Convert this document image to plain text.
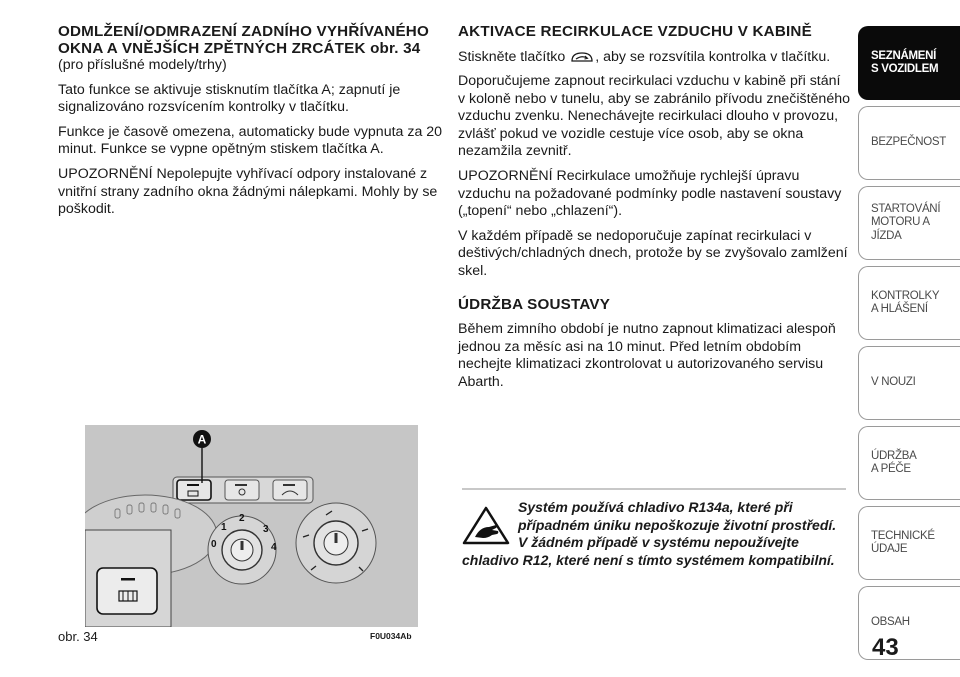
ODMLŽENÍ/ODMRAZENÍ ZADNÍHO VYHŘÍVANÉHO OKNA A VNĚJŠÍCH ZPĚTNÝCH ZRCÁTEK obr. 34
(pro příslušné modely/trhy)

Tato funkce se aktivuje stisknutím tlačítka A; zapnutí je signalizováno rozsvícením kontrolky v tlačítku.

Funkce je časově omezena, automaticky bude vypnuta za 20 minut. Funkce se vypne opětným stiskem tlačítka A.

UPOZORNĚNÍ Nepolepujte vyhřívací odpory instalované z vnitřní strany zadního okna žádnými nálepkami. Mohly by se poškodit.

AKTIVACE RECIRKULACE VZDUCHU V KABINĚ

Stiskněte tlačítko , aby se rozsvítila kontrolka v tlačítku.

Doporučujeme zapnout recirkulaci vzduchu v kabině při stání v koloně nebo v tunelu, aby se zabránilo přívodu znečištěného vzduchu zvenku. Nenechávejte recirkulaci dlouho v provozu, zvlášť pokud ve vozidle cestuje více osob, aby se okna nezamžila zevnitř.

UPOZORNĚNÍ Recirkulace umožňuje rychlejší úpravu vzduchu na požadované podmínky podle nastavení soustavy („topení“ nebo „chlazení“).

V každém případě se nedoporučuje zapínat recirkulaci v deštivých/chladných dnech, protože by se zvyšovalo zamlžení skel.

ÚDRŽBA SOUSTAVY

Během zimního období je nutno zapnout klimatizaci alespoň jednou za měsíc asi na 10 minut. Před letním obdobím nechejte klimatizaci zkontrolovat u autorizovaného servisu Abarth.

A
0
1
2
3
4
obr. 34	F0U034Ab

Systém používá chladivo R134a, které při případném úniku nepoškozuje životní prostředí. V žádném případě v systému nepoužívejte chladivo R12, které není s tímto systémem kompatibilní.

SEZNÁMENÍ
S VOZIDLEM
BEZPEČNOST
STARTOVÁNÍ
MOTORU A JÍZDA
KONTROLKY
A HLÁŠENÍ
V NOUZI
ÚDRŽBA
A PÉČE
TECHNICKÉ
ÚDAJE
OBSAH
43
